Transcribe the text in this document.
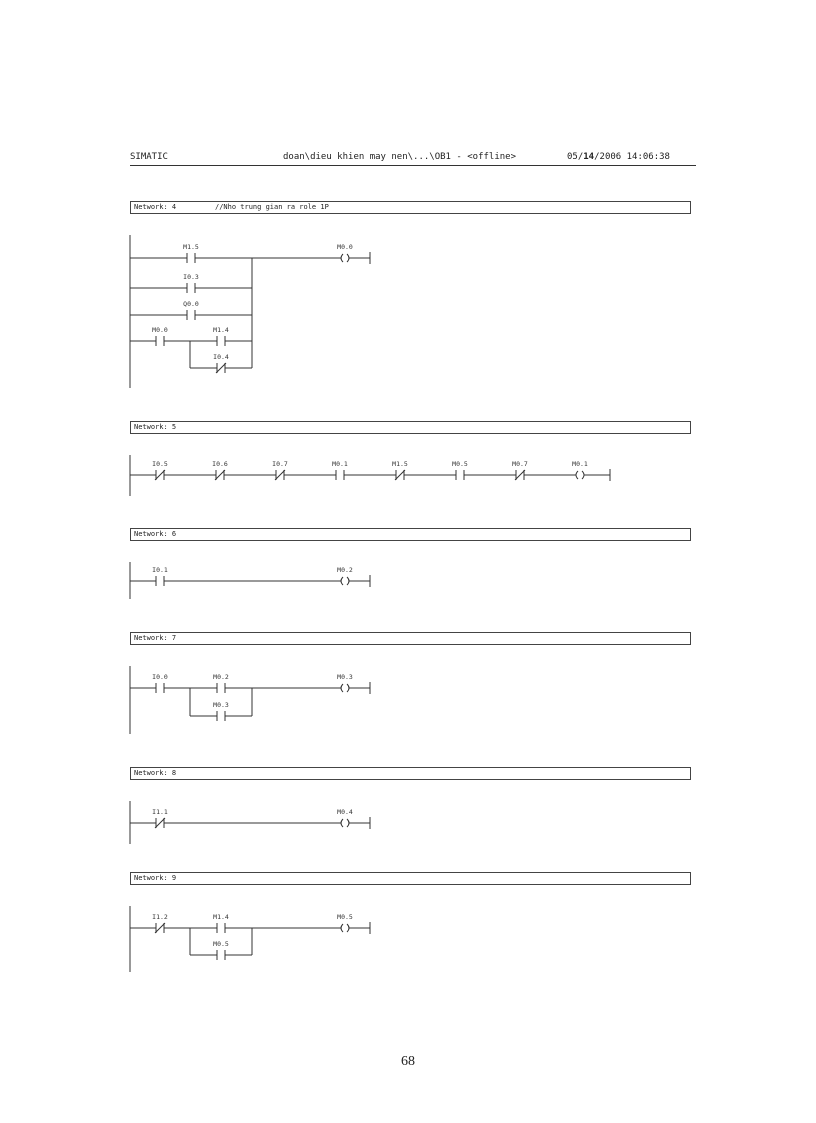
SIMATIC	doan\dieu khien may nen\...\OB1 - <offline>	05/14/2006 14:06:38
Network: 4	//Nho trung gian ra role 1P
Network: 5
Network: 6
Network: 7
Network: 8
Network: 9
M1.5	M0.0
I0.3
Q0.0
M0.0	M1.4
I0.4
I0.5	I0.6	I0.7	M0.1	M1.5	M0.5	M0.7	M0.1
I0.1	M0.2
I0.0	M0.2
M0.3
M0.3
I1.1	M0.4
I1.2	M1.4
M0.5
M0.5
68
